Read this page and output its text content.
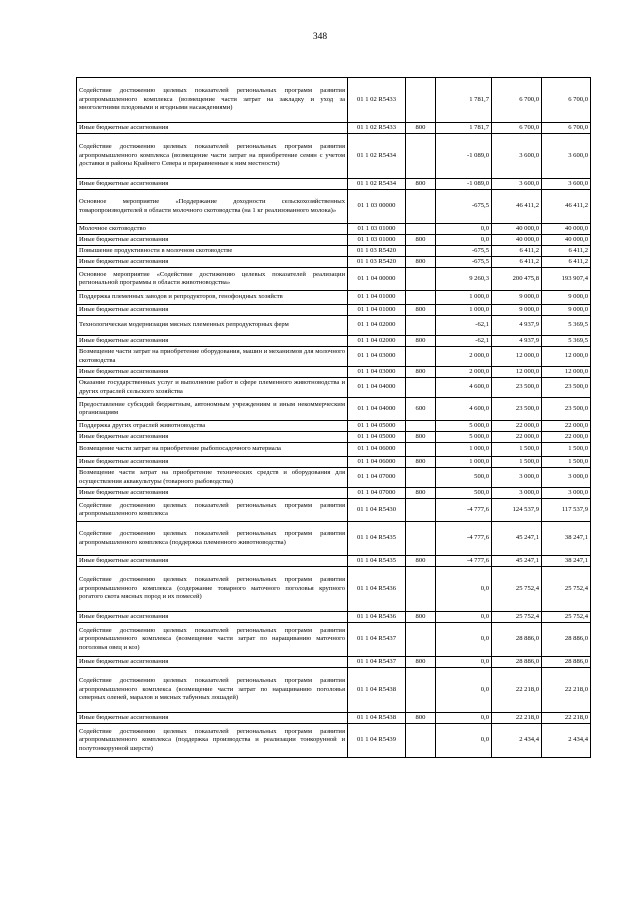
348
Содействие достижению целевых показателей региональных программ развития агропромышленного комплекса (возмещение части затрат на закладку и уход за многолетними плодовыми и ягодными насаждениями)	01 1 02 R5433		1 781,7	6 700,0	6 700,0
Иные бюджетные ассигнования	01 1 02 R5433	800	1 781,7	6 700,0	6 700,0
Содействие достижению целевых показателей региональных программ развития агропромышленного комплекса (возмещение части затрат на приобретение семян с учетом доставки в районы Крайнего Севера и приравненные к ним местности)	01 1 02 R5434		-1 089,0	3 600,0	3 600,0
Иные бюджетные ассигнования	01 1 02 R5434	800	-1 089,0	3 600,0	3 600,0
Основное мероприятие «Поддержание доходности сельскохозяйственных товаропроизводителей в области молочного скотоводства (на 1 кг реализованного молока)»	01 1 03 00000		-675,5	46 411,2	46 411,2
Молочное скотоводство	01 1 03 01000		0,0	40 000,0	40 000,0
Иные бюджетные ассигнования	01 1 03 01000	800	0,0	40 000,0	40 000,0
Повышение продуктивности в молочном скотоводстве	01 1 03 R5420		-675,5	6 411,2	6 411,2
Иные бюджетные ассигнования	01 1 03 R5420	800	-675,5	6 411,2	6 411,2
Основное мероприятие «Содействие достижению целевых показателей реализации региональной программы в области животноводства»	01 1 04 00000		9 260,3	200 475,8	193 907,4
Поддержка племенных заводов и репродукторов, генофондных хозяйств	01 1 04 01000		1 000,0	9 000,0	9 000,0
Иные бюджетные ассигнования	01 1 04 01000	800	1 000,0	9 000,0	9 000,0
Технологическая модернизация мясных племенных репродукторных ферм	01 1 04 02000		-62,1	4 937,9	5 369,5
Иные бюджетные ассигнования	01 1 04 02000	800	-62,1	4 937,9	5 369,5
Возмещение части затрат на приобретение оборудования, машин и механизмов для молочного скотоводства	01 1 04 03000		2 000,0	12 000,0	12 000,0
Иные бюджетные ассигнования	01 1 04 03000	800	2 000,0	12 000,0	12 000,0
Оказание государственных услуг и выполнение работ в сфере племенного животноводства и других отраслей сельского хозяйства	01 1 04 04000		4 600,0	23 500,0	23 500,0
Предоставление субсидий бюджетным, автономным учреждениям и иным некоммерческим организациям	01 1 04 04000	600	4 600,0	23 500,0	23 500,0
Поддержка других отраслей животноводства	01 1 04 05000		5 000,0	22 000,0	22 000,0
Иные бюджетные ассигнования	01 1 04 05000	800	5 000,0	22 000,0	22 000,0
Возмещение части затрат на приобретение рыбопосадочного материала	01 1 04 06000		1 000,0	1 500,0	1 500,0
Иные бюджетные ассигнования	01 1 04 06000	800	1 000,0	1 500,0	1 500,0
Возмещение части затрат на приобретение технических средств и оборудования для осуществления аквакультуры (товарного рыбоводства)	01 1 04 07000		500,0	3 000,0	3 000,0
Иные бюджетные ассигнования	01 1 04 07000	800	500,0	3 000,0	3 000,0
Содействие достижению целевых показателей региональных программ развития агропромышленного комплекса	01 1 04 R5430		-4 777,6	124 537,9	117 537,9
Содействие достижению целевых показателей региональных программ развития агропромышленного комплекса (поддержка племенного животноводства)	01 1 04 R5435		-4 777,6	45 247,1	38 247,1
Иные бюджетные ассигнования	01 1 04 R5435	800	-4 777,6	45 247,1	38 247,1
Содействие достижению целевых показателей региональных программ развития агропромышленного комплекса (содержание товарного маточного поголовья крупного рогатого скота мясных пород и их помесей)	01 1 04 R5436		0,0	25 752,4	25 752,4
Иные бюджетные ассигнования	01 1 04 R5436	800	0,0	25 752,4	25 752,4
Содействие достижению целевых показателей региональных программ развития агропромышленного комплекса (возмещение части затрат по наращиванию маточного поголовья овец и коз)	01 1 04 R5437		0,0	28 886,0	28 886,0
Иные бюджетные ассигнования	01 1 04 R5437	800	0,0	28 886,0	28 886,0
Содействие достижению целевых показателей региональных программ развития агропромышленного комплекса (возмещение части затрат по наращиванию поголовья северных оленей, маралов и мясных табунных лошадей)	01 1 04 R5438		0,0	22 218,0	22 218,0
Иные бюджетные ассигнования	01 1 04 R5438	800	0,0	22 218,0	22 218,0
Содействие достижению целевых показателей региональных программ развития агропромышленного комплекса (поддержка производства и реализации тонкорунной и полутонкорунной шерсти)	01 1 04 R5439		0,0	2 434,4	2 434,4
